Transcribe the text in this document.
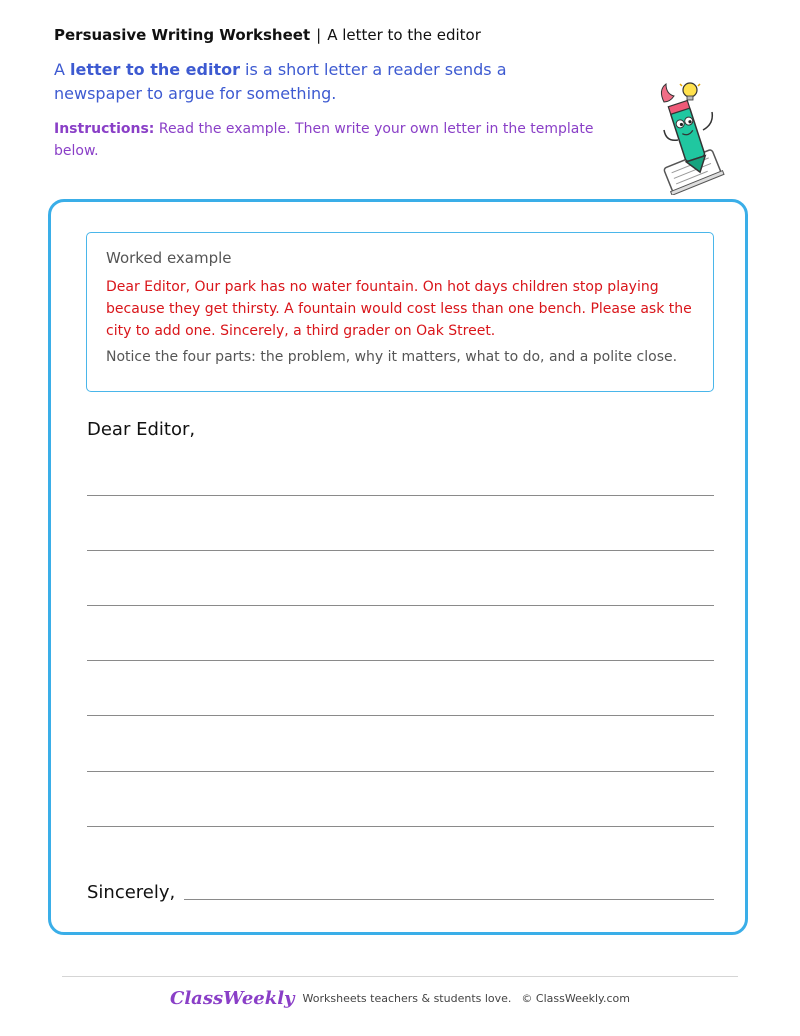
Persuasive Writing Worksheet | A letter to the editor
A letter to the editor is a short letter a reader sends a newspaper to argue for something.
Instructions: Read the example. Then write your own letter in the template below.
Worked example
Dear Editor, Our park has no water fountain. On hot days children stop playing because they get thirsty. A fountain would cost less than one bench. Please ask the city to add one. Sincerely, a third grader on Oak Street.
Notice the four parts: the problem, why it matters, what to do, and a polite close.
Dear Editor,
Sincerely,
ClassWeekly Worksheets teachers & students love. © ClassWeekly.com
